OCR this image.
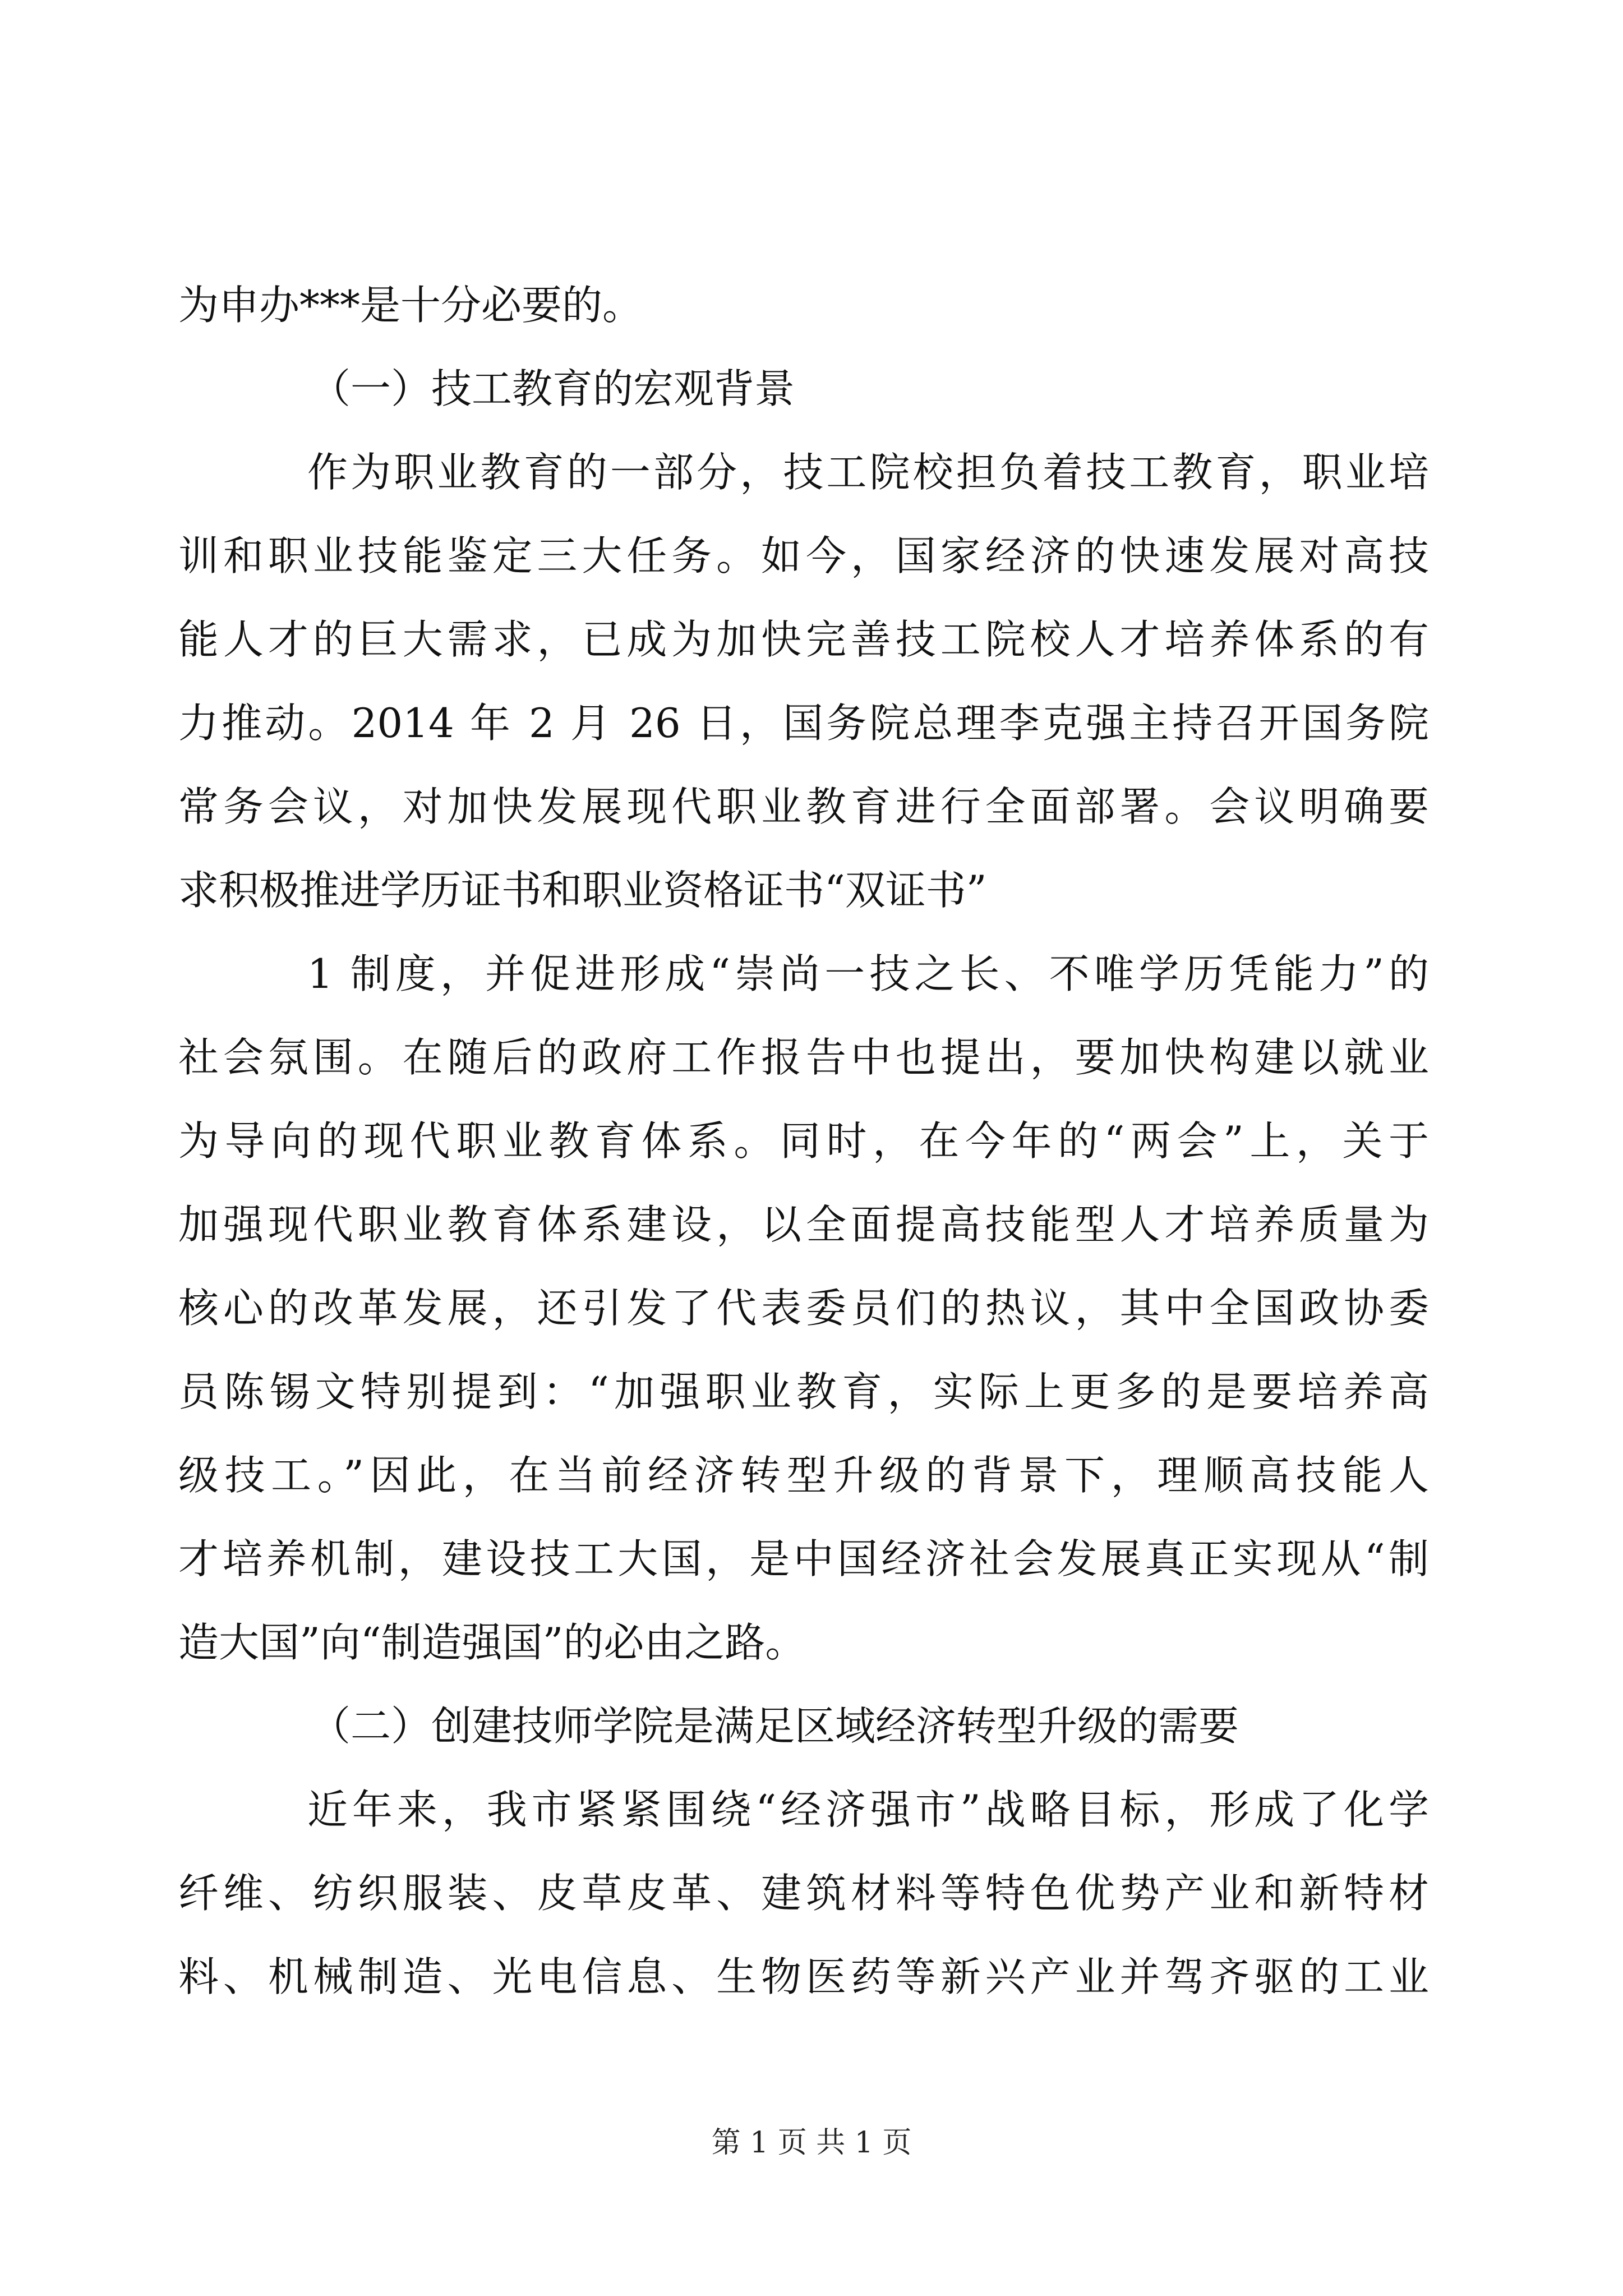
为申办***是十分必要的。
（一）技工教育的宏观背景
作为职业教育的一部分，技工院校担负着技工教育，职业培
训和职业技能鉴定三大任务。如今，国家经济的快速发展对高技
能人才的巨大需求，已成为加快完善技工院校人才培养体系的有
力推动。2014 年 2 月 26 日，国务院总理李克强主持召开国务院
常务会议，对加快发展现代职业教育进行全面部署。会议明确要
求积极推进学历证书和职业资格证书“双证书”
1 制度，并促进形成“崇尚一技之长、不唯学历凭能力”的
社会氛围。在随后的政府工作报告中也提出，要加快构建以就业
为导向的现代职业教育体系。同时，在今年的“两会”上，关于
加强现代职业教育体系建设，以全面提高技能型人才培养质量为
核心的改革发展，还引发了代表委员们的热议，其中全国政协委
员陈锡文特别提到：“加强职业教育，实际上更多的是要培养高
级技工。”因此，在当前经济转型升级的背景下，理顺高技能人
才培养机制，建设技工大国，是中国经济社会发展真正实现从“制
造大国”向“制造强国”的必由之路。
（二）创建技师学院是满足区域经济转型升级的需要
近年来，我市紧紧围绕“经济强市”战略目标，形成了化学
纤维、纺织服装、皮草皮革、建筑材料等特色优势产业和新特材
料、机械制造、光电信息、生物医药等新兴产业并驾齐驱的工业
第 1 页 共 1 页
